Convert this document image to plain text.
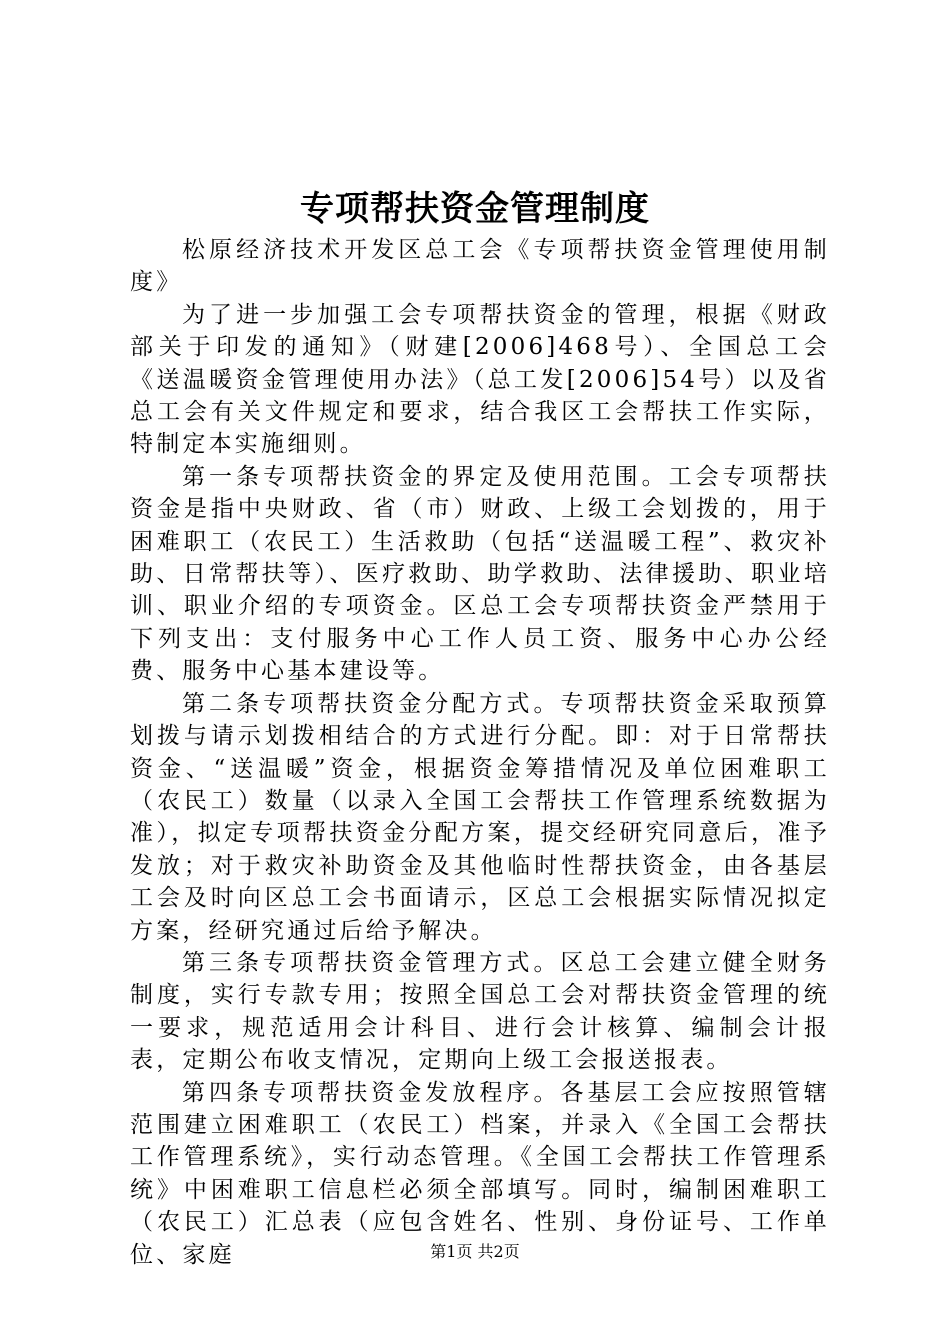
专项帮扶资金管理制度

松原经济技术开发区总工会《专项帮扶资金管理使用制度》

为了进一步加强工会专项帮扶资金的管理，根据《财政部关于印发的通知》（财建[2006]468号）、全国总工会《送温暖资金管理使用办法》（总工发[2006]54号）以及省总工会有关文件规定和要求，结合我区工会帮扶工作实际，特制定本实施细则。

第一条专项帮扶资金的界定及使用范围。工会专项帮扶资金是指中央财政、省（市）财政、上级工会划拨的，用于困难职工（农民工）生活救助（包括“送温暖工程”、救灾补助、日常帮扶等）、医疗救助、助学救助、法律援助、职业培训、职业介绍的专项资金。区总工会专项帮扶资金严禁用于下列支出：支付服务中心工作人员工资、服务中心办公经费、服务中心基本建设等。

第二条专项帮扶资金分配方式。专项帮扶资金采取预算划拨与请示划拨相结合的方式进行分配。即：对于日常帮扶资金、“送温暖”资金，根据资金筹措情况及单位困难职工（农民工）数量（以录入全国工会帮扶工作管理系统数据为准），拟定专项帮扶资金分配方案，提交经研究同意后，准予发放；对于救灾补助资金及其他临时性帮扶资金，由各基层工会及时向区总工会书面请示，区总工会根据实际情况拟定方案，经研究通过后给予解决。

第三条专项帮扶资金管理方式。区总工会建立健全财务制度，实行专款专用；按照全国总工会对帮扶资金管理的统一要求，规范适用会计科目、进行会计核算、编制会计报表，定期公布收支情况，定期向上级工会报送报表。

第四条专项帮扶资金发放程序。各基层工会应按照管辖范围建立困难职工（农民工）档案，并录入《全国工会帮扶工作管理系统》，实行动态管理。《全国工会帮扶工作管理系统》中困难职工信息栏必须全部填写。同时，编制困难职工（农民工）汇总表（应包含姓名、性别、身份证号、工作单位、家庭	第1页 共2页
